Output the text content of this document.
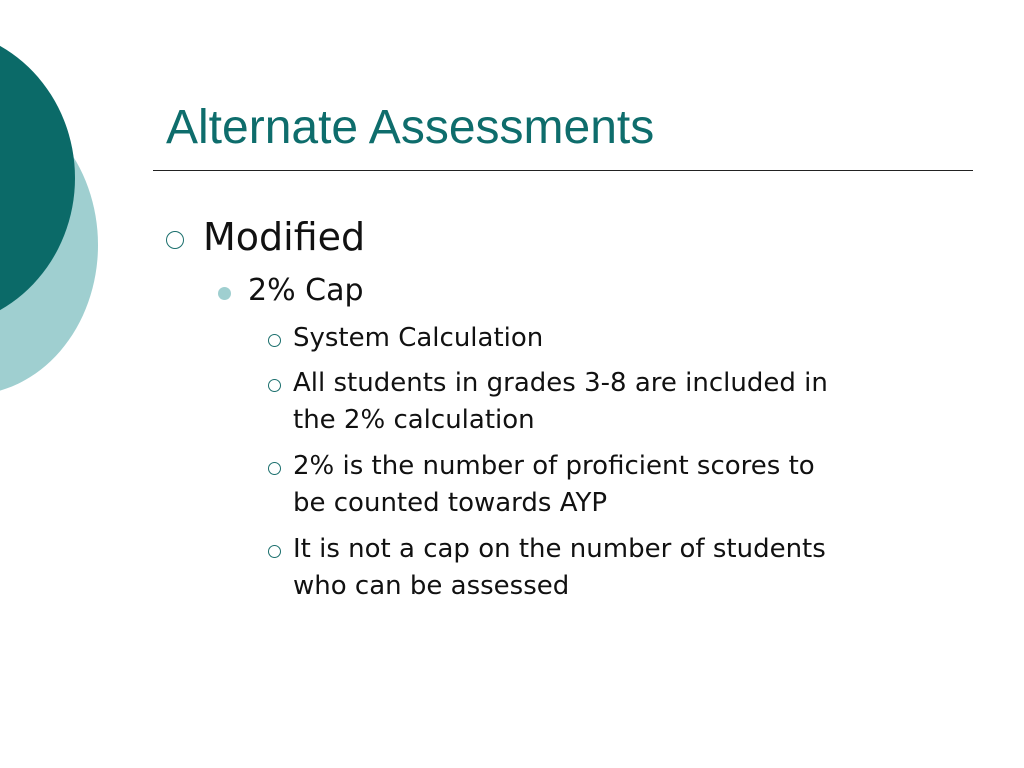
Alternate Assessments
Modified
2% Cap
System Calculation
All students in grades 3-8 are included in
the 2% calculation
2% is the number of proficient scores to
be counted towards AYP
It is not a cap on the number of students
who can be assessed
